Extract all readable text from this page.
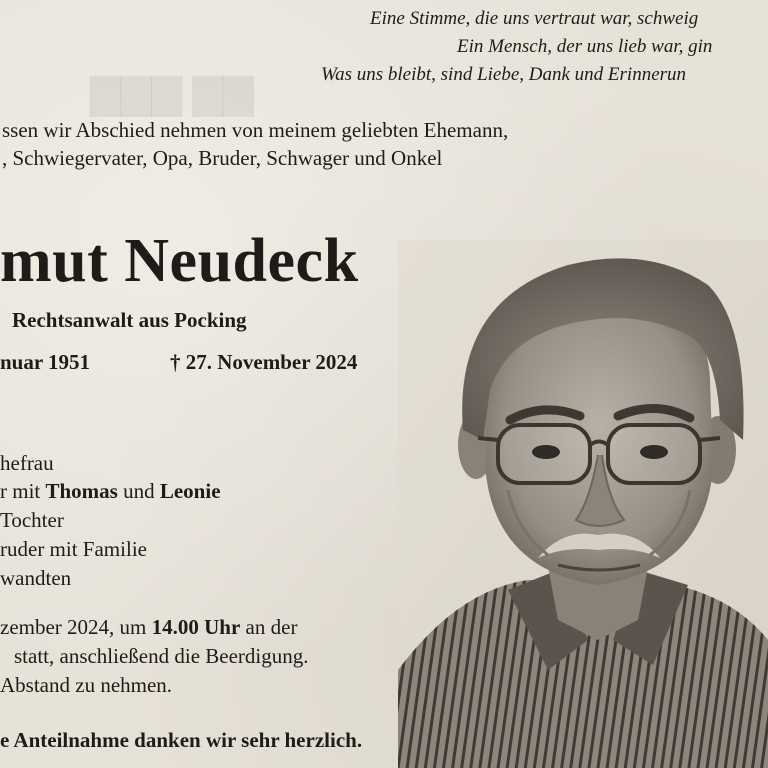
▇▇▇ ▇▇
Eine Stimme, die uns vertraut war, schweig
Ein Mensch, der uns lieb war, gin
Was uns bleibt, sind Liebe, Dank und Erinnerun
ssen wir Abschied nehmen von meinem geliebten Ehemann,
, Schwiegervater, Opa, Bruder, Schwager und Onkel
mut Neudeck
Rechtsanwalt aus Pocking
nuar 1951	† 27. November 2024
hefrau
r mit Thomas und Leonie
Tochter
ruder mit Familie
wandten
zember 2024, um 14.00 Uhr an der
statt, anschließend die Beerdigung.
Abstand zu nehmen.
e Anteilnahme danken wir sehr herzlich.
